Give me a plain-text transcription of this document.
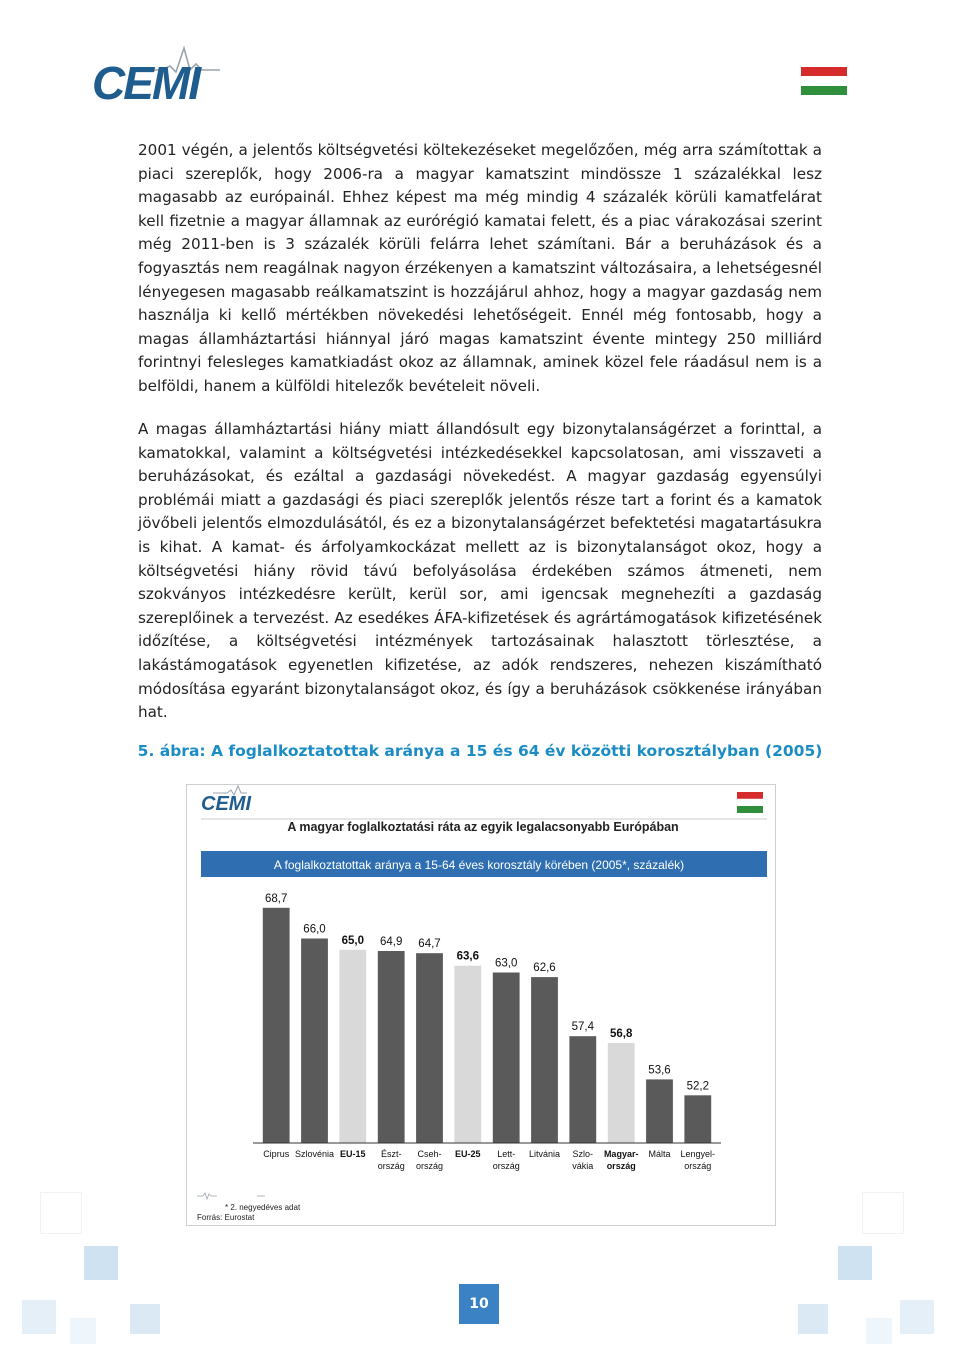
CEMI

2001 végén, a jelentős költségvetési költekezéseket megelőzően, még arra számítottak a piaci szereplők, hogy 2006-ra a magyar kamatszint mindössze 1 százalékkal lesz magasabb az európainál. Ehhez képest ma még mindig 4 százalék körüli kamatfelárat kell fizetnie a magyar államnak az eurórégió kamatai felett, és a piac várakozásai szerint még 2011-ben is 3 százalék körüli felárra lehet számítani. Bár a beruházások és a fogyasztás nem reagálnak nagyon érzékenyen a kamatszint változásaira, a lehetségesnél lényegesen magasabb reálkamatszint is hozzájárul ahhoz, hogy a magyar gazdaság nem használja ki kellő mértékben növekedési lehetőségeit. Ennél még fontosabb, hogy a magas államháztartási hiánnyal járó magas kamatszint évente mintegy 250 milliárd forintnyi felesleges kamatkiadást okoz az államnak, aminek közel fele ráadásul nem is a belföldi, hanem a külföldi hitelezők bevételeit növeli.

A magas államháztartási hiány miatt állandósult egy bizonytalanságérzet a forinttal, a kamatokkal, valamint a költségvetési intézkedésekkel kapcsolatosan, ami visszaveti a beruházásokat, és ezáltal a gazdasági növekedést. A magyar gazdaság egyensúlyi problémái miatt a gazdasági és piaci szereplők jelentős része tart a forint és a kamatok jövőbeli jelentős elmozdulásától, és ez a bizonytalanságérzet befektetési magatartásukra is kihat. A kamat- és árfolyamkockázat mellett az is bizonytalanságot okoz, hogy a költségvetési hiány rövid távú befolyásolása érdekében számos átmeneti, nem szokványos intézkedésre került, kerül sor, ami igencsak megnehezíti a gazdaság szereplőinek a tervezést. Az esedékes ÁFA-kifizetések és agrártámogatások kifizetésének időzítése, a költségvetési intézmények tartozásainak halasztott törlesztése, a lakástámogatások egyenetlen kifizetése, az adók rendszeres, nehezen kiszámítható módosítása egyaránt bizonytalanságot okoz, és így a beruházások csökkenése irányában hat.

5. ábra: A foglalkoztatottak aránya a 15 és 64 év közötti korosztályban (2005)
CEMI
A magyar foglalkoztatási ráta az egyik legalacsonyabb Európában
A foglalkoztatottak aránya a 15-64 éves korosztály körében (2005*, százalék)
68,7
Ciprus
66,0
Szlovénia
65,0
EU-15
64,9
Észt-
ország
64,7
Cseh-
ország
63,6
EU-25
63,0
Lett-
ország
62,6
Litvánia
57,4
Szlo-
vákia
56,8
Magyar-
ország
53,6
Málta
52,2
Lengyel-
ország
* 2. negyedéves adat
Forrás: Eurostat
10
